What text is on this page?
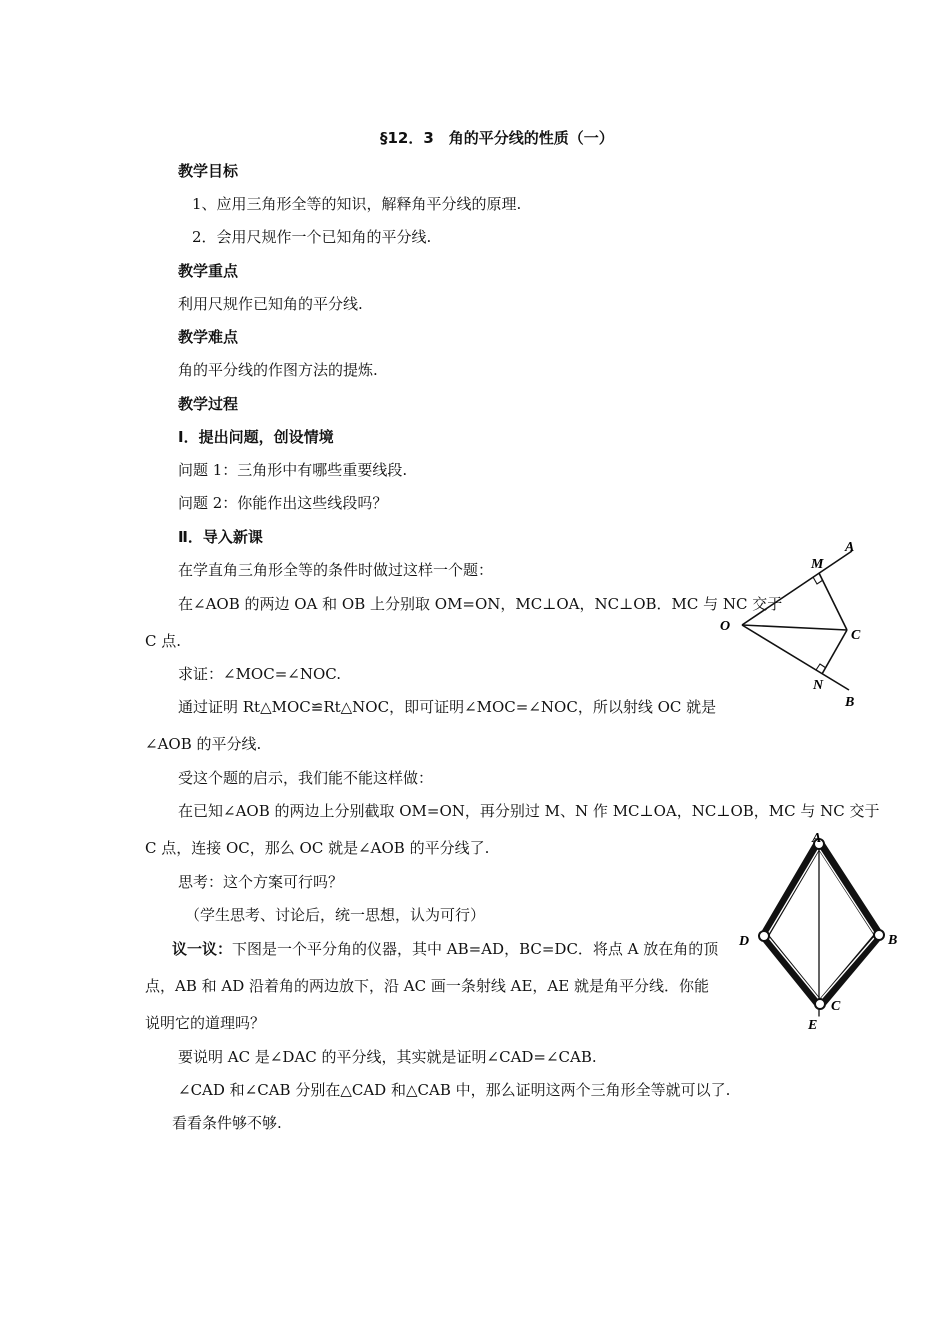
§12．3　角的平分线的性质（一）
教学目标
1、应用三角形全等的知识，解释角平分线的原理.
2．会用尺规作一个已知角的平分线.
教学重点
利用尺规作已知角的平分线.
教学难点
角的平分线的作图方法的提炼.
教学过程
Ⅰ．提出问题，创设情境
问题 1：三角形中有哪些重要线段.
问题 2：你能作出这些线段吗？
Ⅱ．导入新课
在学直角三角形全等的条件时做过这样一个题：
在∠AOB 的两边 OA 和 OB 上分别取 OM=ON，MC⊥OA，NC⊥OB．MC 与 NC 交于
C 点.
求证：∠MOC=∠NOC.
通过证明 Rt△MOC≌Rt△NOC，即可证明∠MOC=∠NOC，所以射线 OC 就是
∠AOB 的平分线.
受这个题的启示，我们能不能这样做：
在已知∠AOB 的两边上分别截取 OM=ON，再分别过 M、N 作 MC⊥OA，NC⊥OB，MC 与 NC 交于
C 点，连接 OC，那么 OC 就是∠AOB 的平分线了.
思考：这个方案可行吗？
（学生思考、讨论后，统一思想，认为可行）
议一议：下图是一个平分角的仪器，其中 AB=AD，BC=DC．将点 A 放在角的顶
点，AB 和 AD 沿着角的两边放下，沿 AC 画一条射线 AE，AE 就是角平分线．你能
说明它的道理吗？
要说明 AC 是∠DAC 的平分线，其实就是证明∠CAD=∠CAB.
∠CAD 和∠CAB 分别在△CAD 和△CAB 中，那么证明这两个三角形全等就可以了.
看看条件够不够.
A
M
O
C
N
B
A
D	B
C
E
